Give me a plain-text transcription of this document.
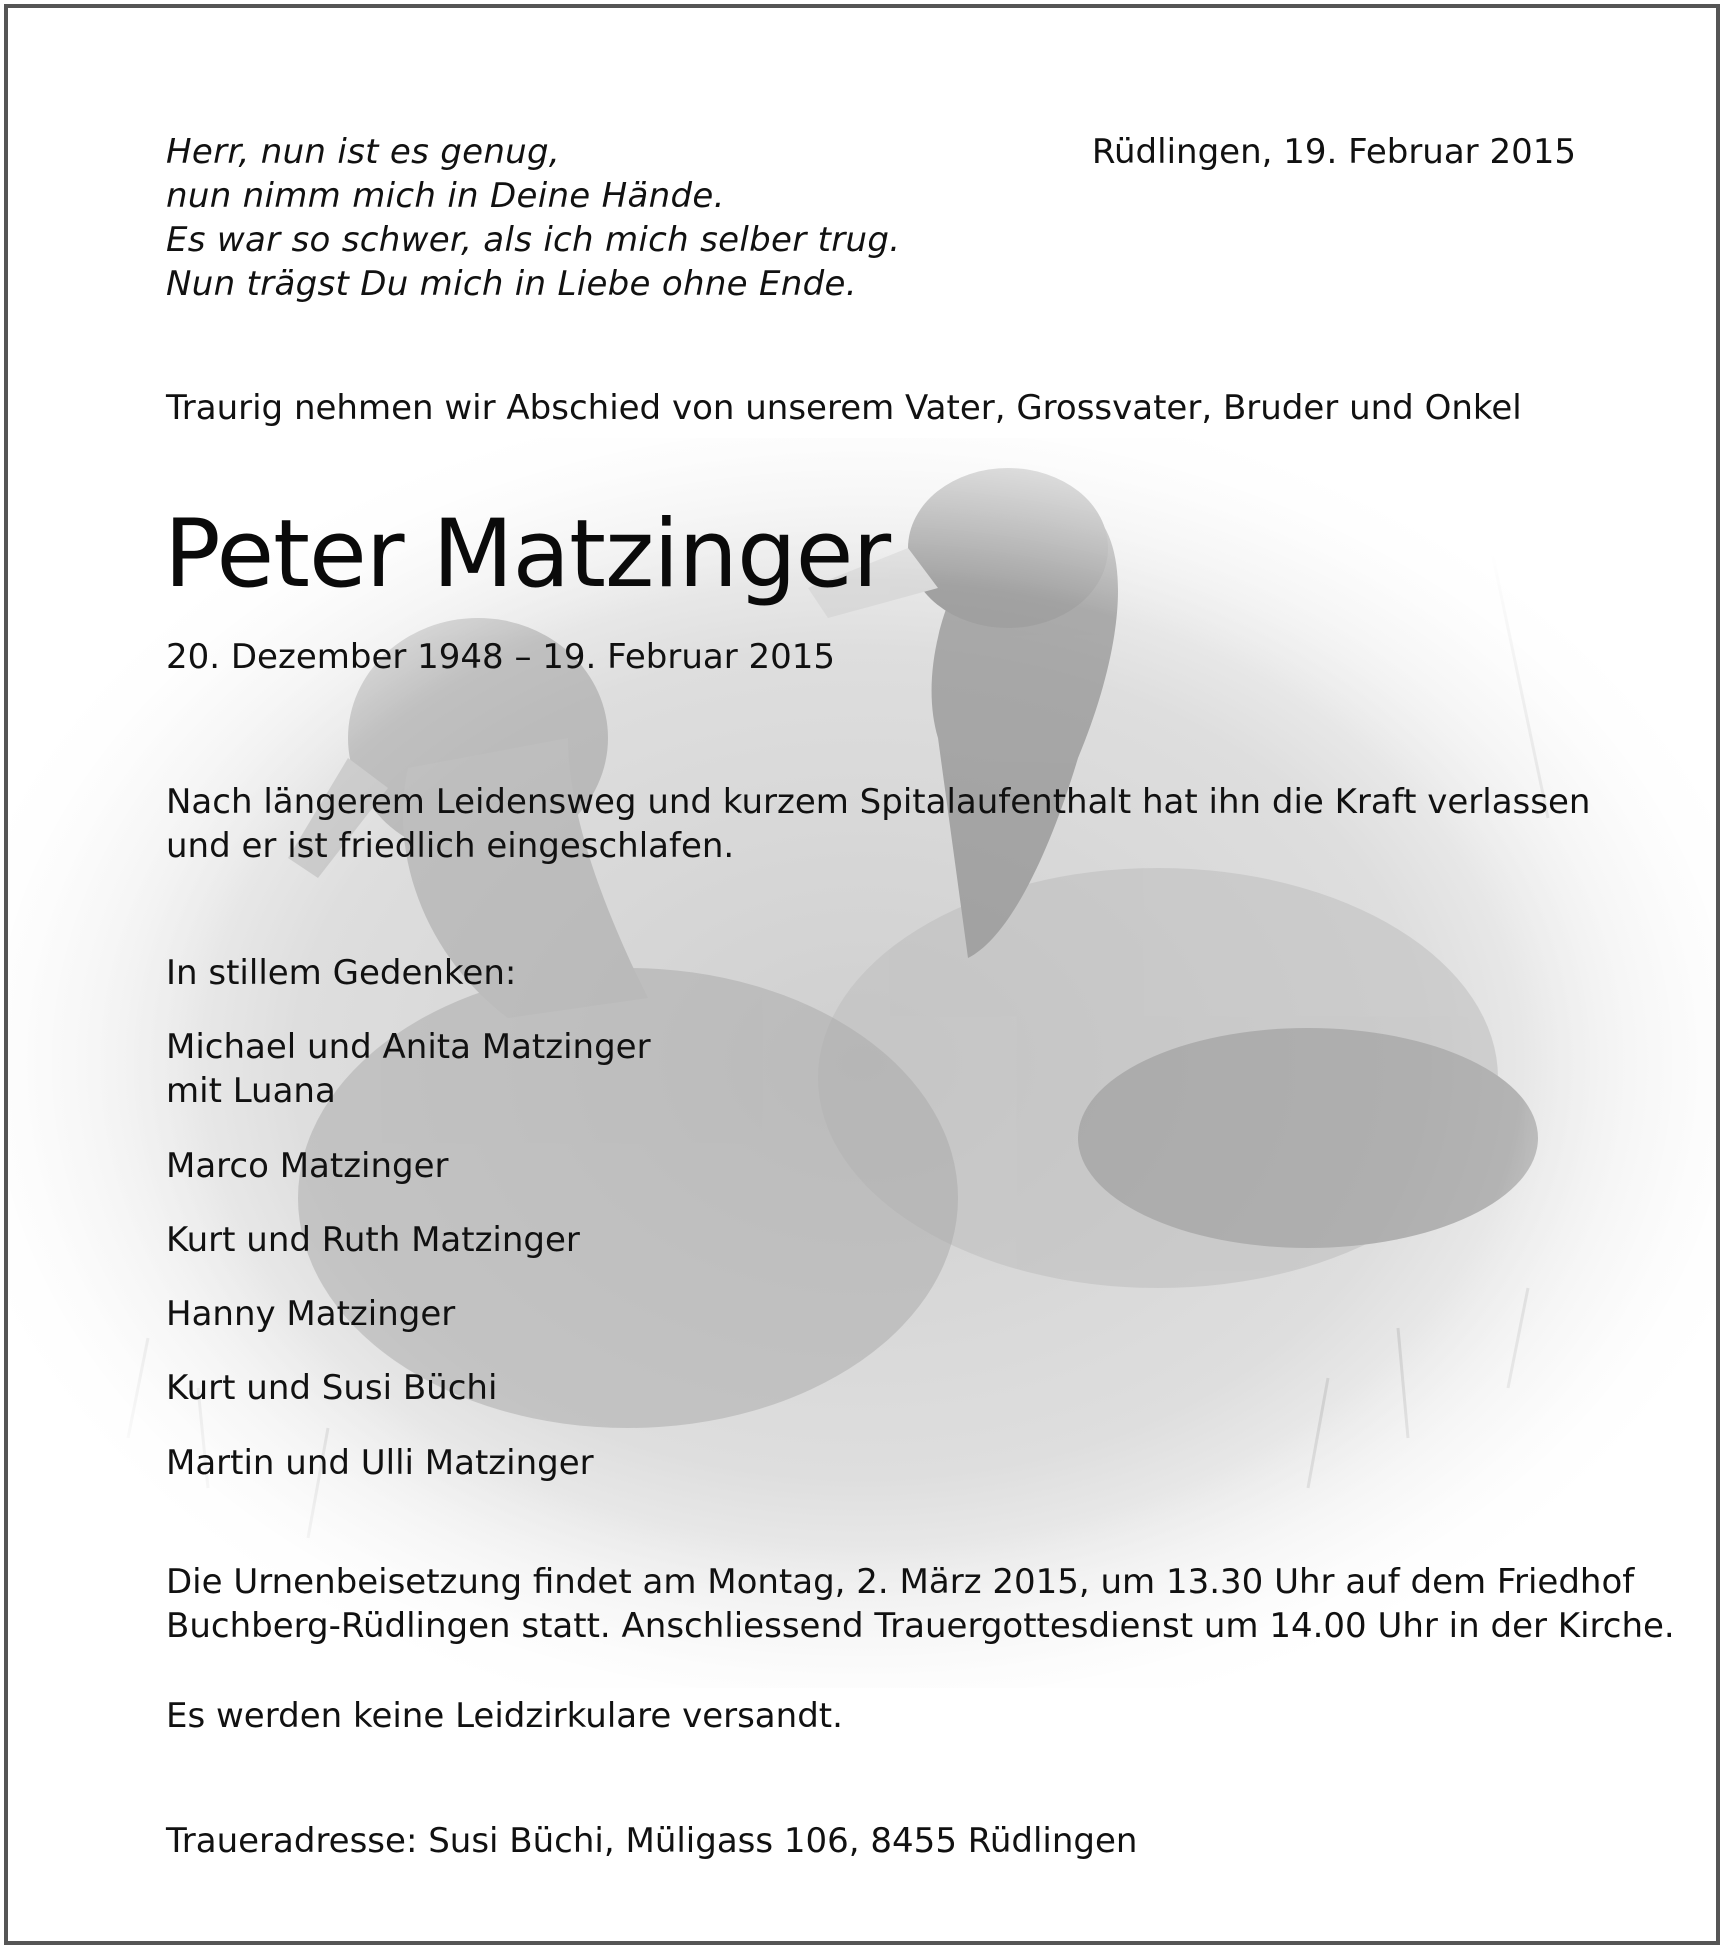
Herr, nun ist es genug,
nun nimm mich in Deine Hände.
Es war so schwer, als ich mich selber trug.
Nun trägst Du mich in Liebe ohne Ende.
Rüdlingen, 19. Februar 2015
Traurig nehmen wir Abschied von unserem Vater, Grossvater, Bruder und Onkel
Peter Matzinger
20. Dezember 1948 – 19. Februar 2015
Nach längerem Leidensweg und kurzem Spitalaufenthalt hat ihn die Kraft verlassen
und er ist friedlich eingeschlafen.
In stillem Gedenken:
Michael und Anita Matzinger
mit Luana
Marco Matzinger
Kurt und Ruth Matzinger
Hanny Matzinger
Kurt und Susi Büchi
Martin und Ulli Matzinger
Die Urnenbeisetzung findet am Montag, 2. März 2015, um 13.30 Uhr auf dem Friedhof
Buchberg-Rüdlingen statt. Anschliessend Trauergottesdienst um 14.00 Uhr in der Kirche.
Es werden keine Leidzirkulare versandt.
Traueradresse: Susi Büchi, Müligass 106, 8455 Rüdlingen
